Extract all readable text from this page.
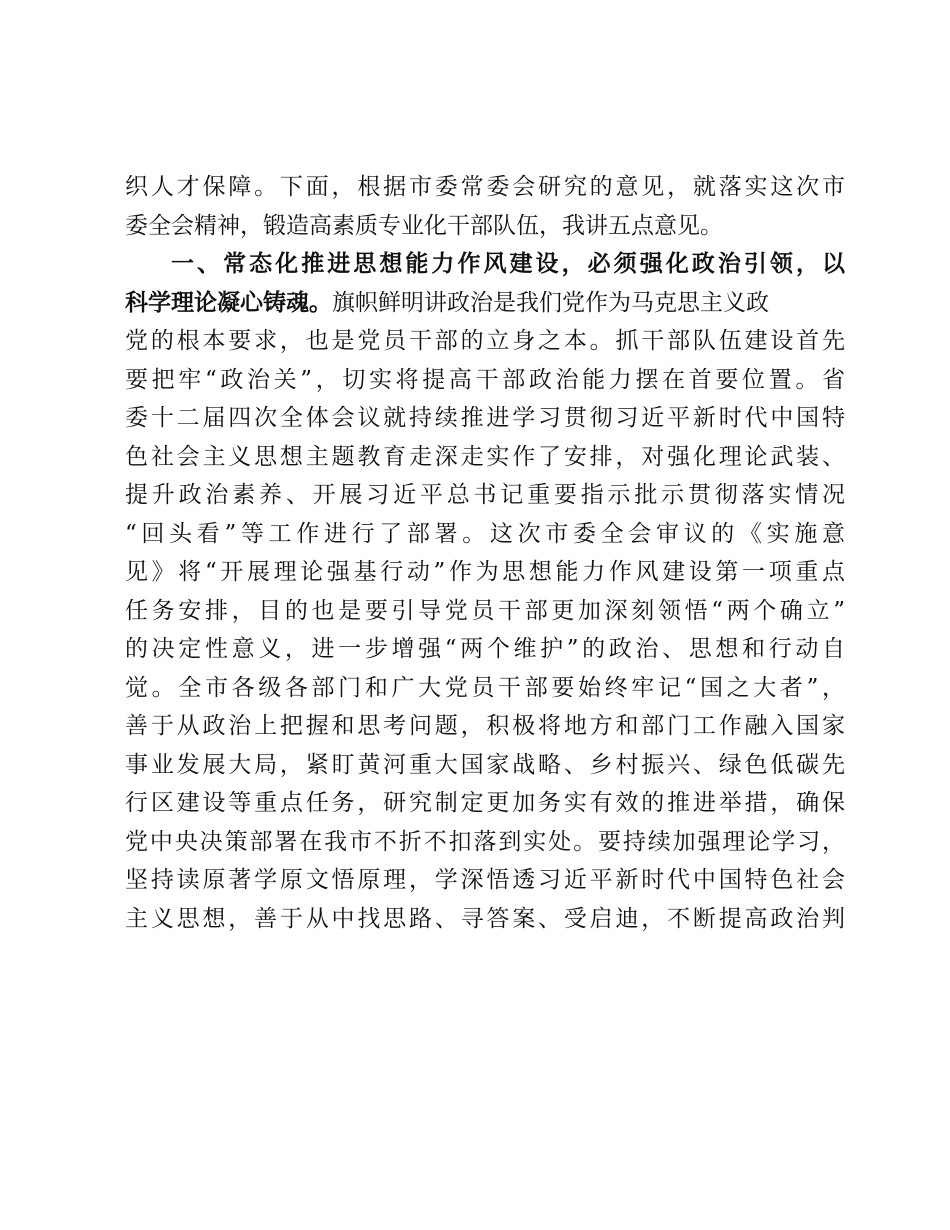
织人才保障。下面，根据市委常委会研究的意见，就落实这次市
委全会精神，锻造高素质专业化干部队伍，我讲五点意见。
一、常态化推进思想能力作风建设，必须强化政治引领，以
科学理论凝心铸魂。旗帜鲜明讲政治是我们党作为马克思主义政
党的根本要求，也是党员干部的立身之本。抓干部队伍建设首先
要把牢“政治关”，切实将提高干部政治能力摆在首要位置。省
委十二届四次全体会议就持续推进学习贯彻习近平新时代中国特
色社会主义思想主题教育走深走实作了安排，对强化理论武装、
提升政治素养、开展习近平总书记重要指示批示贯彻落实情况
“回头看”等工作进行了部署。这次市委全会审议的《实施意
见》将“开展理论强基行动”作为思想能力作风建设第一项重点
任务安排，目的也是要引导党员干部更加深刻领悟“两个确立”
的决定性意义，进一步增强“两个维护”的政治、思想和行动自
觉。全市各级各部门和广大党员干部要始终牢记“国之大者”，
善于从政治上把握和思考问题，积极将地方和部门工作融入国家
事业发展大局，紧盯黄河重大国家战略、乡村振兴、绿色低碳先
行区建设等重点任务，研究制定更加务实有效的推进举措，确保
党中央决策部署在我市不折不扣落到实处。要持续加强理论学习，
坚持读原著学原文悟原理，学深悟透习近平新时代中国特色社会
主义思想，善于从中找思路、寻答案、受启迪，不断提高政治判
